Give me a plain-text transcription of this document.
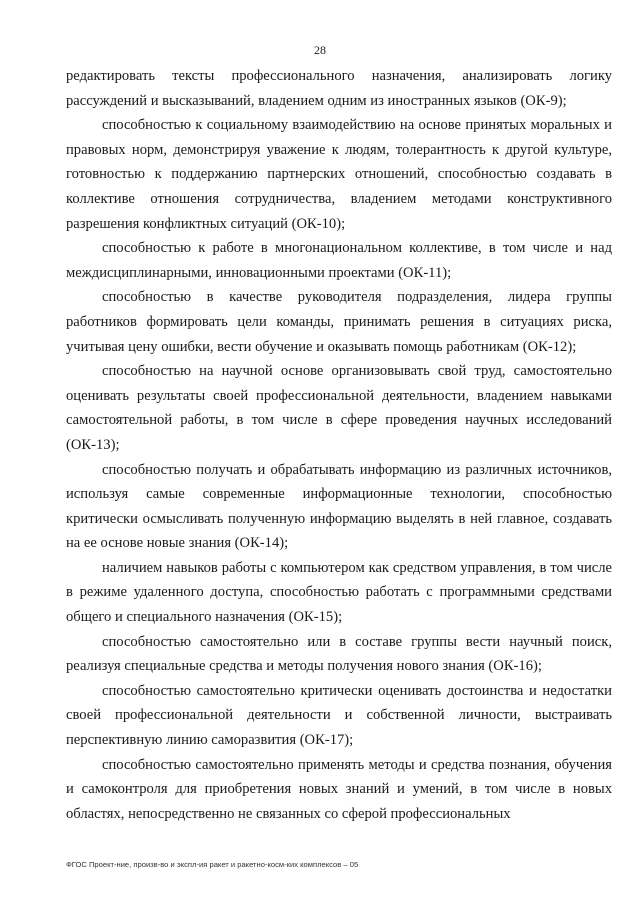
28

редактировать тексты профессионального назначения, анализировать логику рассуждений и высказываний, владением одним из иностранных языков (ОК-9);

способностью к социальному взаимодействию на основе принятых моральных и правовых норм, демонстрируя уважение к людям, толерантность к другой культуре, готовностью к поддержанию партнерских отношений, способностью создавать в коллективе отношения сотрудничества, владением методами конструктивного разрешения конфликтных ситуаций (ОК-10);

способностью к работе в многонациональном коллективе, в том числе и над междисциплинарными, инновационными проектами (ОК-11);

способностью в качестве руководителя подразделения, лидера группы работников формировать цели команды, принимать решения в ситуациях риска, учитывая цену ошибки, вести обучение и оказывать помощь работникам (ОК-12);

способностью на научной основе организовывать свой труд, самостоятельно оценивать результаты своей профессиональной деятельности, владением навыками самостоятельной работы, в том числе в сфере проведения научных исследований (ОК-13);

способностью получать и обрабатывать информацию из различных источников, используя самые современные информационные технологии, способностью критически осмысливать полученную информацию выделять в ней главное, создавать на ее основе новые знания (ОК-14);

наличием навыков работы с компьютером как средством управления, в том числе в режиме удаленного доступа, способностью работать с программными средствами общего и специального назначения (ОК-15);

способностью самостоятельно или в составе группы вести научный поиск, реализуя специальные средства и методы получения нового знания (ОК-16);

способностью самостоятельно критически оценивать достоинства и недостатки своей профессиональной деятельности и собственной личности, выстраивать перспективную линию саморазвития (ОК-17);

способностью самостоятельно применять методы и средства познания, обучения и самоконтроля для приобретения новых знаний и умений, в том числе в новых областях, непосредственно не связанных со сферой профессиональных

ФГОС Проект-ние, произв-во и экспл-ия ракет и ракетно-косм-ких комплексов – 05
